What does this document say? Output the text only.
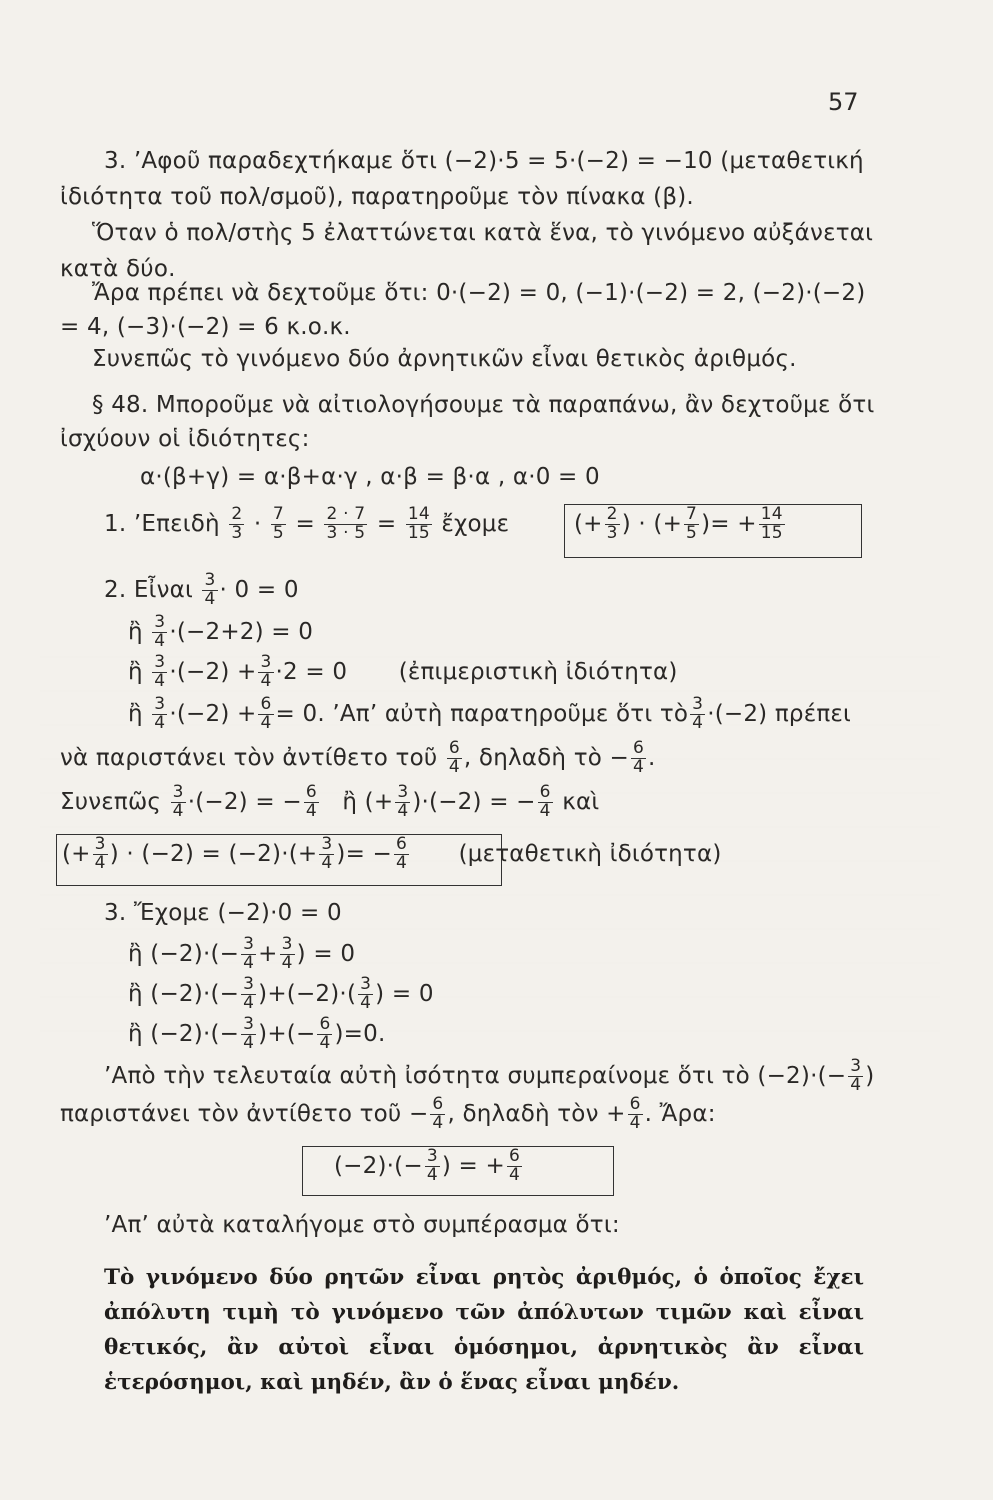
57
3. ’Αφοῦ παραδεχτήκαμε ὅτι (−2)·5 = 5·(−2) = −10 (μεταθετική
ἰδιότητα τοῦ πολ/σμοῦ), παρατηροῦμε τὸν πίνακα (β).
Ὅταν ὁ πολ/στὴς 5 ἐλαττώνεται κατὰ ἕνα, τὸ γινόμενο αὐξάνεται
κατὰ δύο.
Ἄρα πρέπει νὰ δεχτοῦμε ὅτι: 0·(−2) = 0, (−1)·(−2) = 2, (−2)·(−2)
= 4, (−3)·(−2) = 6 κ.ο.κ.
Συνεπῶς τὸ γινόμενο δύο ἀρνητικῶν εἶναι θετικὸς ἀριθμός.
§ 48. Μποροῦμε νὰ αἰτιολογήσουμε τὰ παραπάνω, ἂν δεχτοῦμε ὅτι
ἰσχύουν οἱ ἰδιότητες:
α·(β+γ) = α·β+α·γ , α·β = β·α , α·0 = 0
1. ’Επειδὴ $\frac{2}{3} \cdot \frac{7}{5} = \frac{2 \cdot 7}{3 \cdot 5} = \frac{14}{15}$ ἔχομε	(+ $\frac{2}{3}$ ) · (+ $\frac{7}{5}$ )= + $\frac{14}{15}$
2. Εἶναι $\frac{3}{4} \cdot 0 = 0$
ἢ $\frac{3}{4} \cdot(-2+2) = 0$
ἢ $\frac{3}{4} \cdot(-2) + \frac{3}{4} \cdot 2 = 0$ (ἐπιμεριστικὴ ἰδιότητα)
ἢ $\frac{3}{4} \cdot(-2) + \frac{6}{4} = 0$. ’Απ’ αὐτὴ παρατηροῦμε ὅτι τὸ $\frac{3}{4} \cdot(-2)$ πρέπει
νὰ παριστάνει τὸν ἀντίθετο τοῦ $\frac{6}{4}$ , δηλαδὴ τὸ − $\frac{6}{4}$ .
Συνεπῶς $\frac{3}{4} \cdot(-2)$ = − $\frac{6}{4}$ ἢ (+ $\frac{3}{4} )\cdot(-2)$ = − $\frac{6}{4}$ καὶ
(+ $\frac{3}{4}$ ) · $(-2) = (-2)\cdot(+ \frac{3}{4}$ )= − $\frac{6}{4}$ (μεταθετικὴ ἰδιότητα)
3. Ἔχομε (−2)·0 = 0
ἢ $(-2)\cdot(- \frac{3}{4} + \frac{3}{4}$ ) = 0
ἢ $(-2)\cdot(- \frac{3}{4} )+(-2)\cdot( \frac{3}{4}$ ) = 0
ἢ $(-2)\cdot(- \frac{3}{4}$ )+(− $\frac{6}{4} )=0$.
’Απὸ τὴν τελευταία αὐτὴ ἰσότητα συμπεραίνομε ὅτι τὸ $(-2)\cdot(- \frac{3}{4}$ )
παριστάνει τὸν ἀντίθετο τοῦ − $\frac{6}{4}$ , δηλαδὴ τὸν + $\frac{6}{4}$ . Ἄρα:
$(-2)\cdot(- \frac{3}{4}$ ) = + $\frac{6}{4}$
’Απ’ αὐτὰ καταλήγομε στὸ συμπέρασμα ὅτι:
Τὸ γινόμενο δύο ρητῶν εἶναι ρητὸς ἀριθμός, ὁ ὁποῖος ἔχει ἀπόλυτη τιμὴ τὸ γινόμενο τῶν ἀπόλυτων τιμῶν καὶ εἶναι θετικός, ἂν αὐτοὶ εἶναι ὁμόσημοι, ἀρνητικὸς ἂν εἶναι ἑτερόσημοι, καὶ μηδέν, ἂν ὁ ἕνας εἶναι μηδέν.
